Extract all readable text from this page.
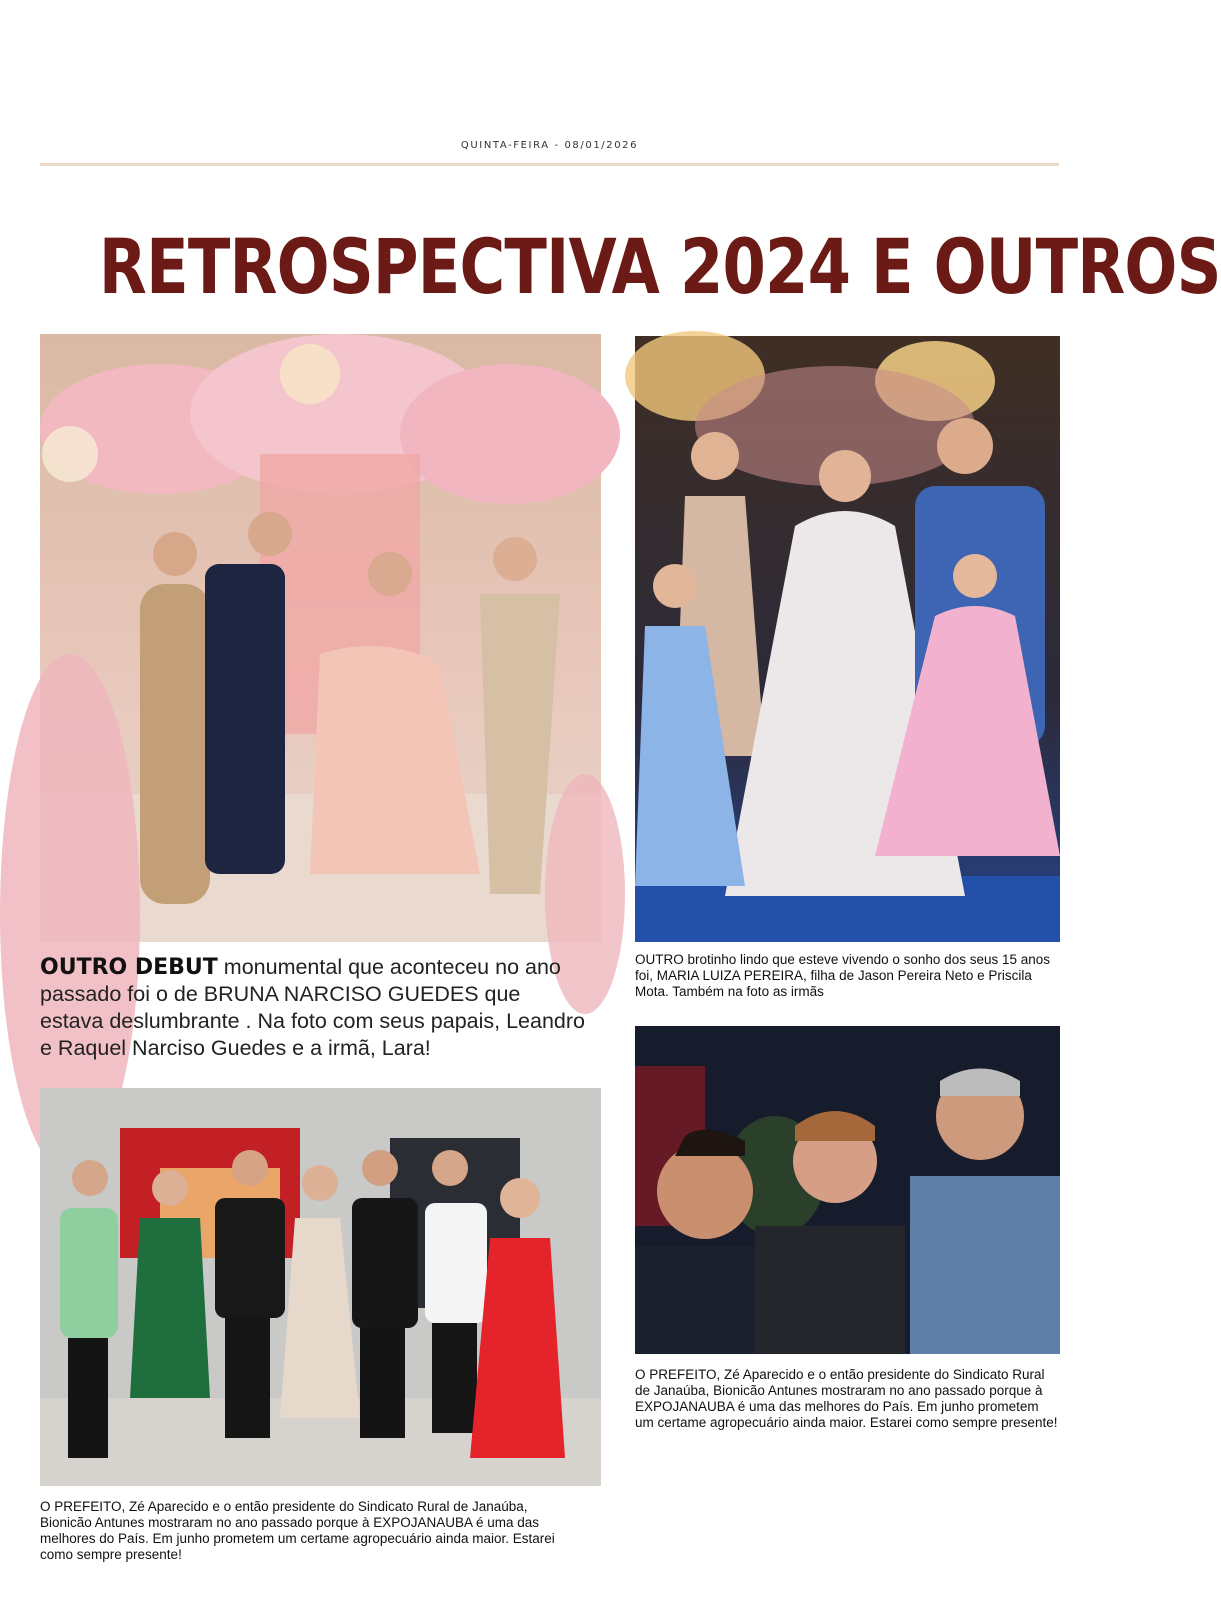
QUINTA-FEIRA - 08/01/2026
RETROSPECTIVA 2024 E OUTROS
OUTRO DEBUT monumental que aconteceu no ano passado foi o de BRUNA NARCISO GUEDES que estava deslumbrante . Na foto com seus papais, Leandro e Raquel Narciso Guedes e a irmã, Lara!
OUTRO brotinho lindo que esteve vivendo o sonho dos seus 15 anos foi, MARIA LUIZA PEREIRA, filha de Jason Pereira Neto e Priscila Mota. Também na foto as irmãs
O PREFEITO, Zé Aparecido e o então presidente do Sindicato Rural de Janaúba, Bionicão Antunes mostraram no ano passado porque à EXPOJANAUBA é uma das melhores do País. Em junho prometem um certame agropecuário ainda maior. Estarei como sempre presente!
O PREFEITO, Zé Aparecido e o então presidente do Sindicato Rural de Janaúba, Bionicão Antunes mostraram no ano passado porque à EXPOJANAUBA é uma das melhores do País. Em junho prometem um certame agropecuário ainda maior. Estarei como sempre presente!
